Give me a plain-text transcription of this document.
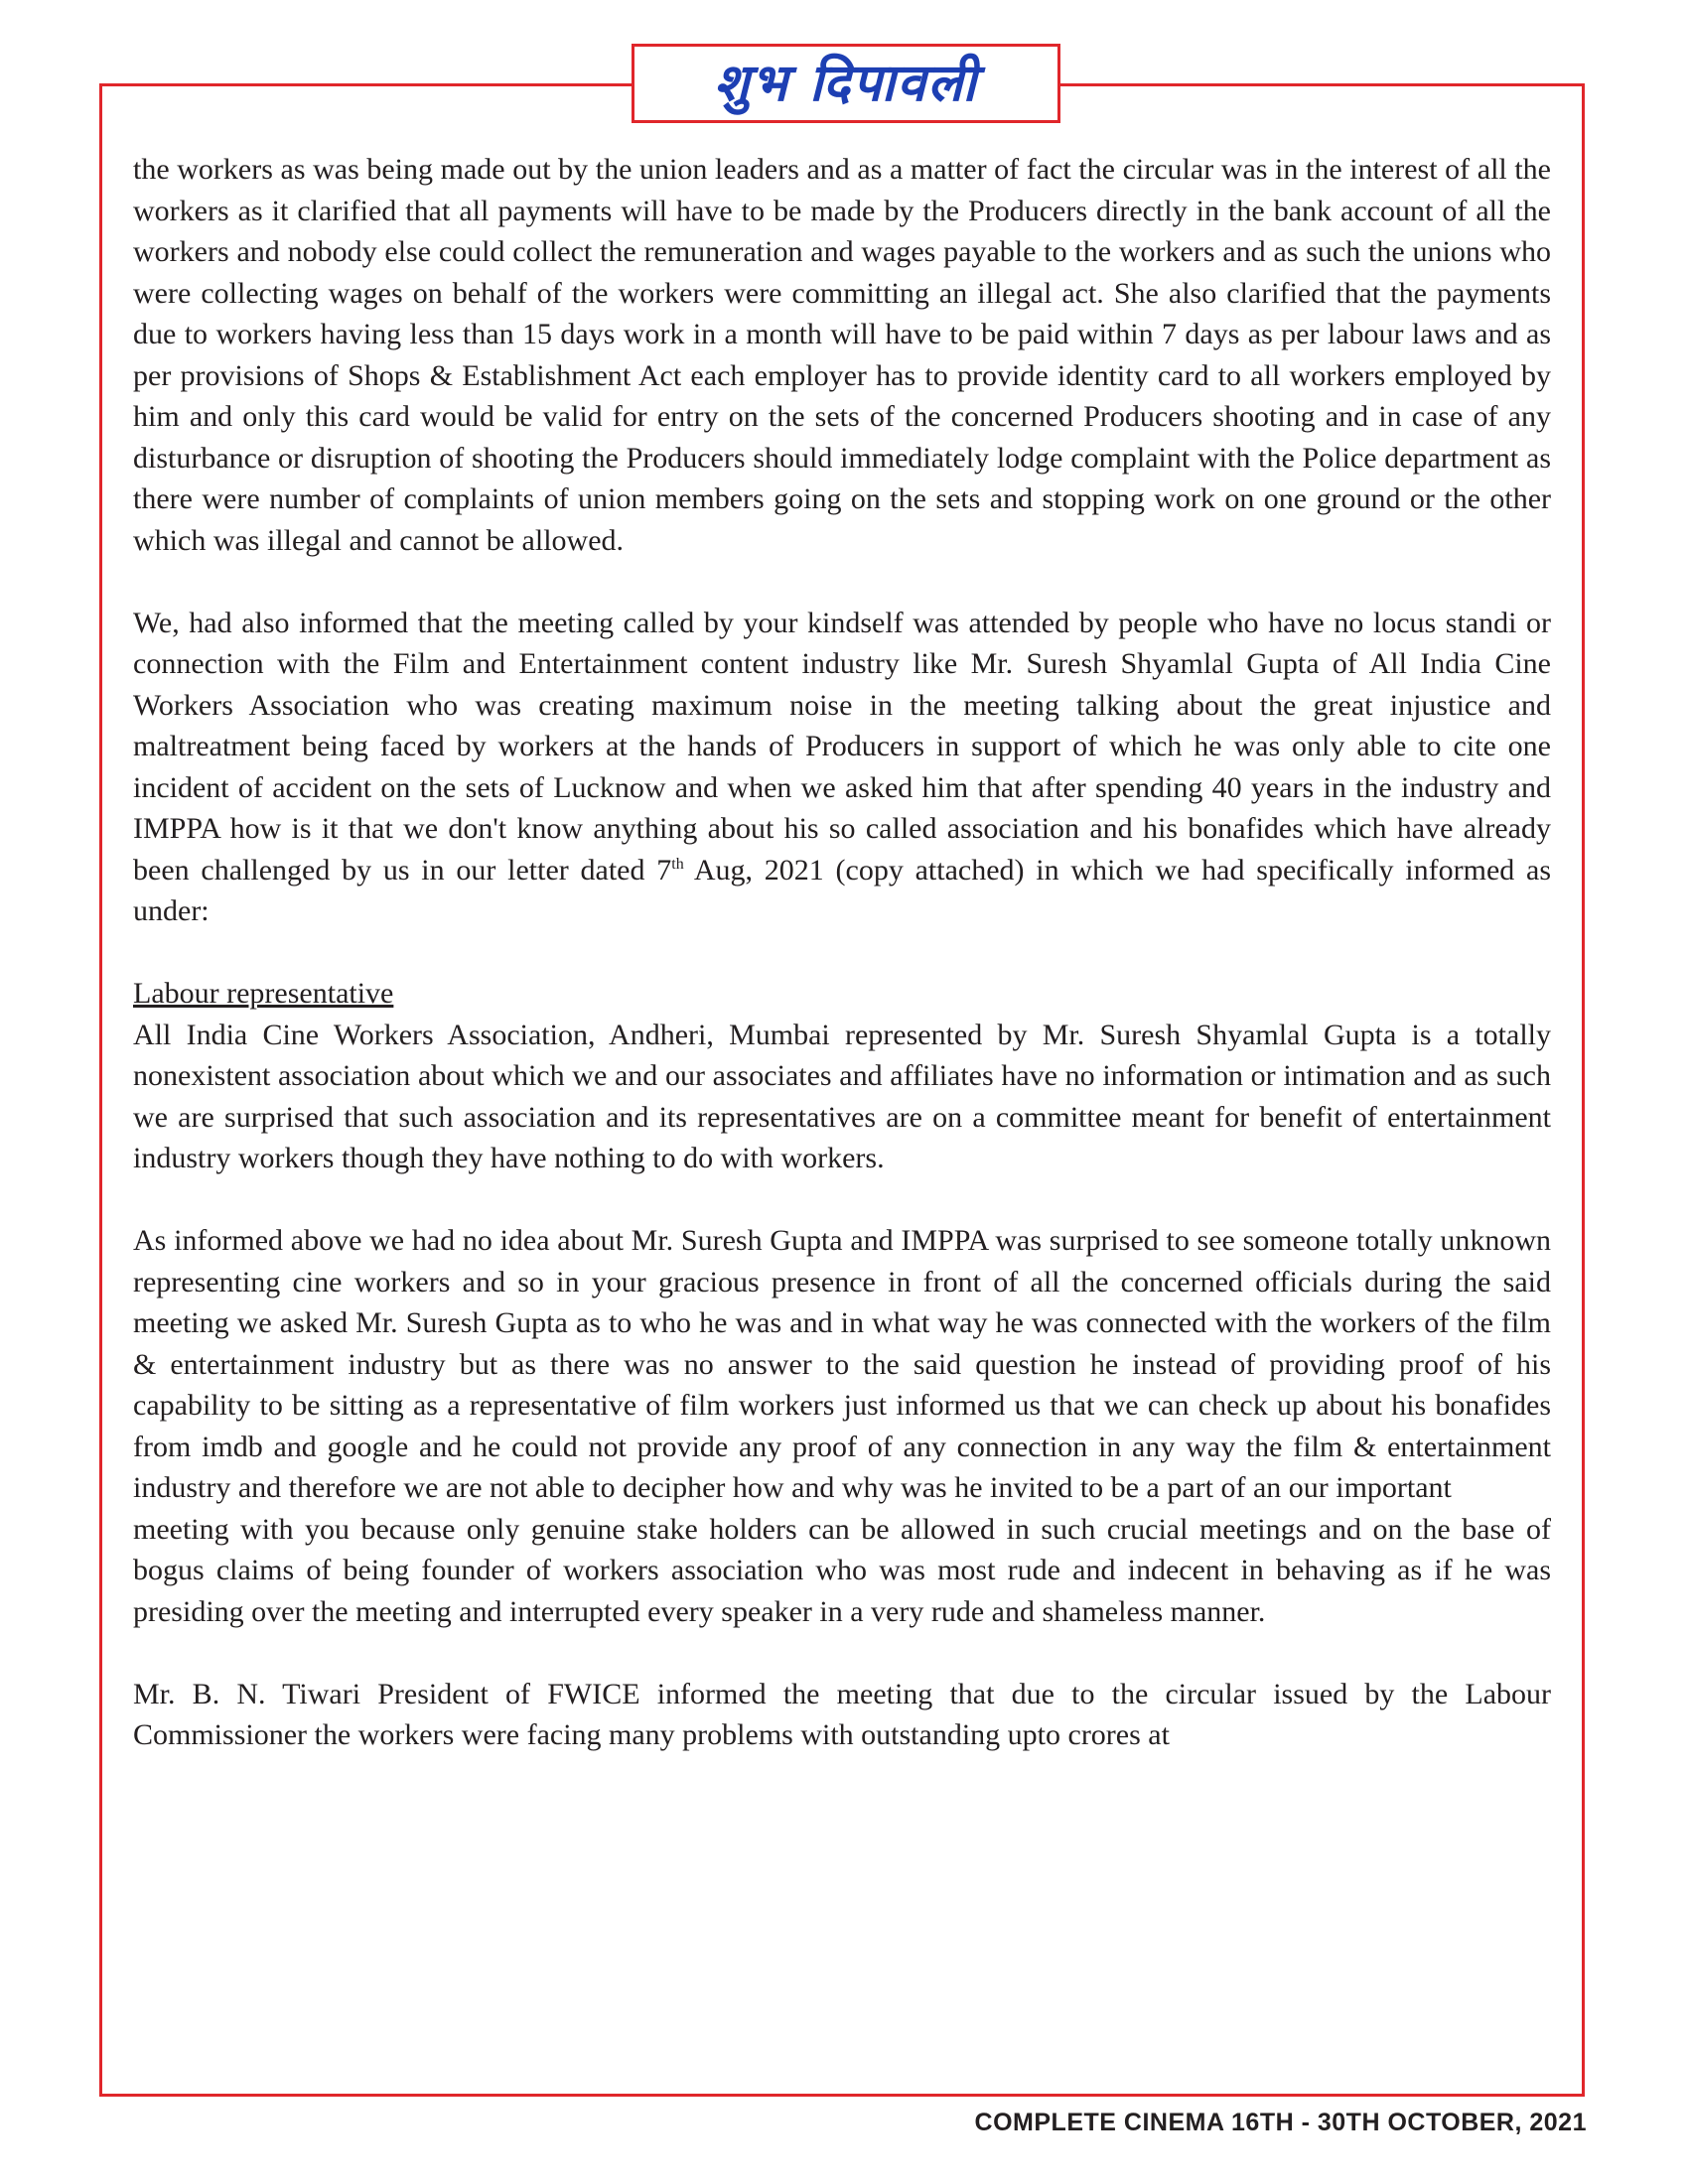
शुभ दिपावली

the workers as was being made out by the union leaders and as a matter of fact the circular was in the interest of all the workers as it clarified that all payments will have to be made by the Producers directly in the bank account of all the workers and nobody else could collect the remuneration and wages payable to the workers and as such the unions who were collecting wages on behalf of the workers were committing an illegal act. She also clarified that the payments due to workers having less than 15 days work in a month will have to be paid within 7 days as per labour laws and as per provisions of Shops & Establishment Act each employer has to provide identity card to all workers employed by him and only this card would be valid for entry on the sets of the concerned Producers shooting and in case of any disturbance or disruption of shooting the Producers should immediately lodge complaint with the Police department as there were number of complaints of union members going on the sets and stopping work on one ground or the other which was illegal and cannot be allowed.

We, had also informed that the meeting called by your kindself was attended by people who have no locus standi or connection with the Film and Entertainment content industry like Mr. Suresh Shyamlal Gupta of All India Cine Workers Association who was creating maximum noise in the meeting talking about the great injustice and maltreatment being faced by workers at the hands of Producers in support of which he was only able to cite one incident of accident on the sets of Lucknow and when we asked him that after spending 40 years in the industry and IMPPA how is it that we don't know anything about his so called association and his bonafides which have already been challenged by us in our letter dated 7th Aug, 2021 (copy attached) in which we had specifically informed as under:

Labour representative

All India Cine Workers Association, Andheri, Mumbai represented by Mr. Suresh Shyamlal Gupta is a totally nonexistent association about which we and our associates and affiliates have no information or intimation and as such we are surprised that such association and its representatives are on a committee meant for benefit of entertainment industry workers though they have nothing to do with workers.

As informed above we had no idea about Mr. Suresh Gupta and IMPPA was surprised to see someone totally unknown representing cine workers and so in your gracious presence in front of all the concerned officials during the said meeting we asked Mr. Suresh Gupta as to who he was and in what way he was connected with the workers of the film & entertainment industry but as there was no answer to the said question he instead of providing proof of his capability to be sitting as a representative of film workers just informed us that we can check up about his bonafides from imdb and google and he could not provide any proof of any connection in any way the film & entertainment industry and therefore we are not able to decipher how and why was he invited to be a part of an our important

meeting with you because only genuine stake holders can be allowed in such crucial meetings and on the base of bogus claims of being founder of workers association who was most rude and indecent in behaving as if he was presiding over the meeting and interrupted every speaker in a very rude and shameless manner.

Mr. B. N. Tiwari President of FWICE informed the meeting that due to the circular issued by the Labour Commissioner the workers were facing many problems with outstanding upto crores at

COMPLETE CINEMA 16TH - 30TH OCTOBER, 2021
